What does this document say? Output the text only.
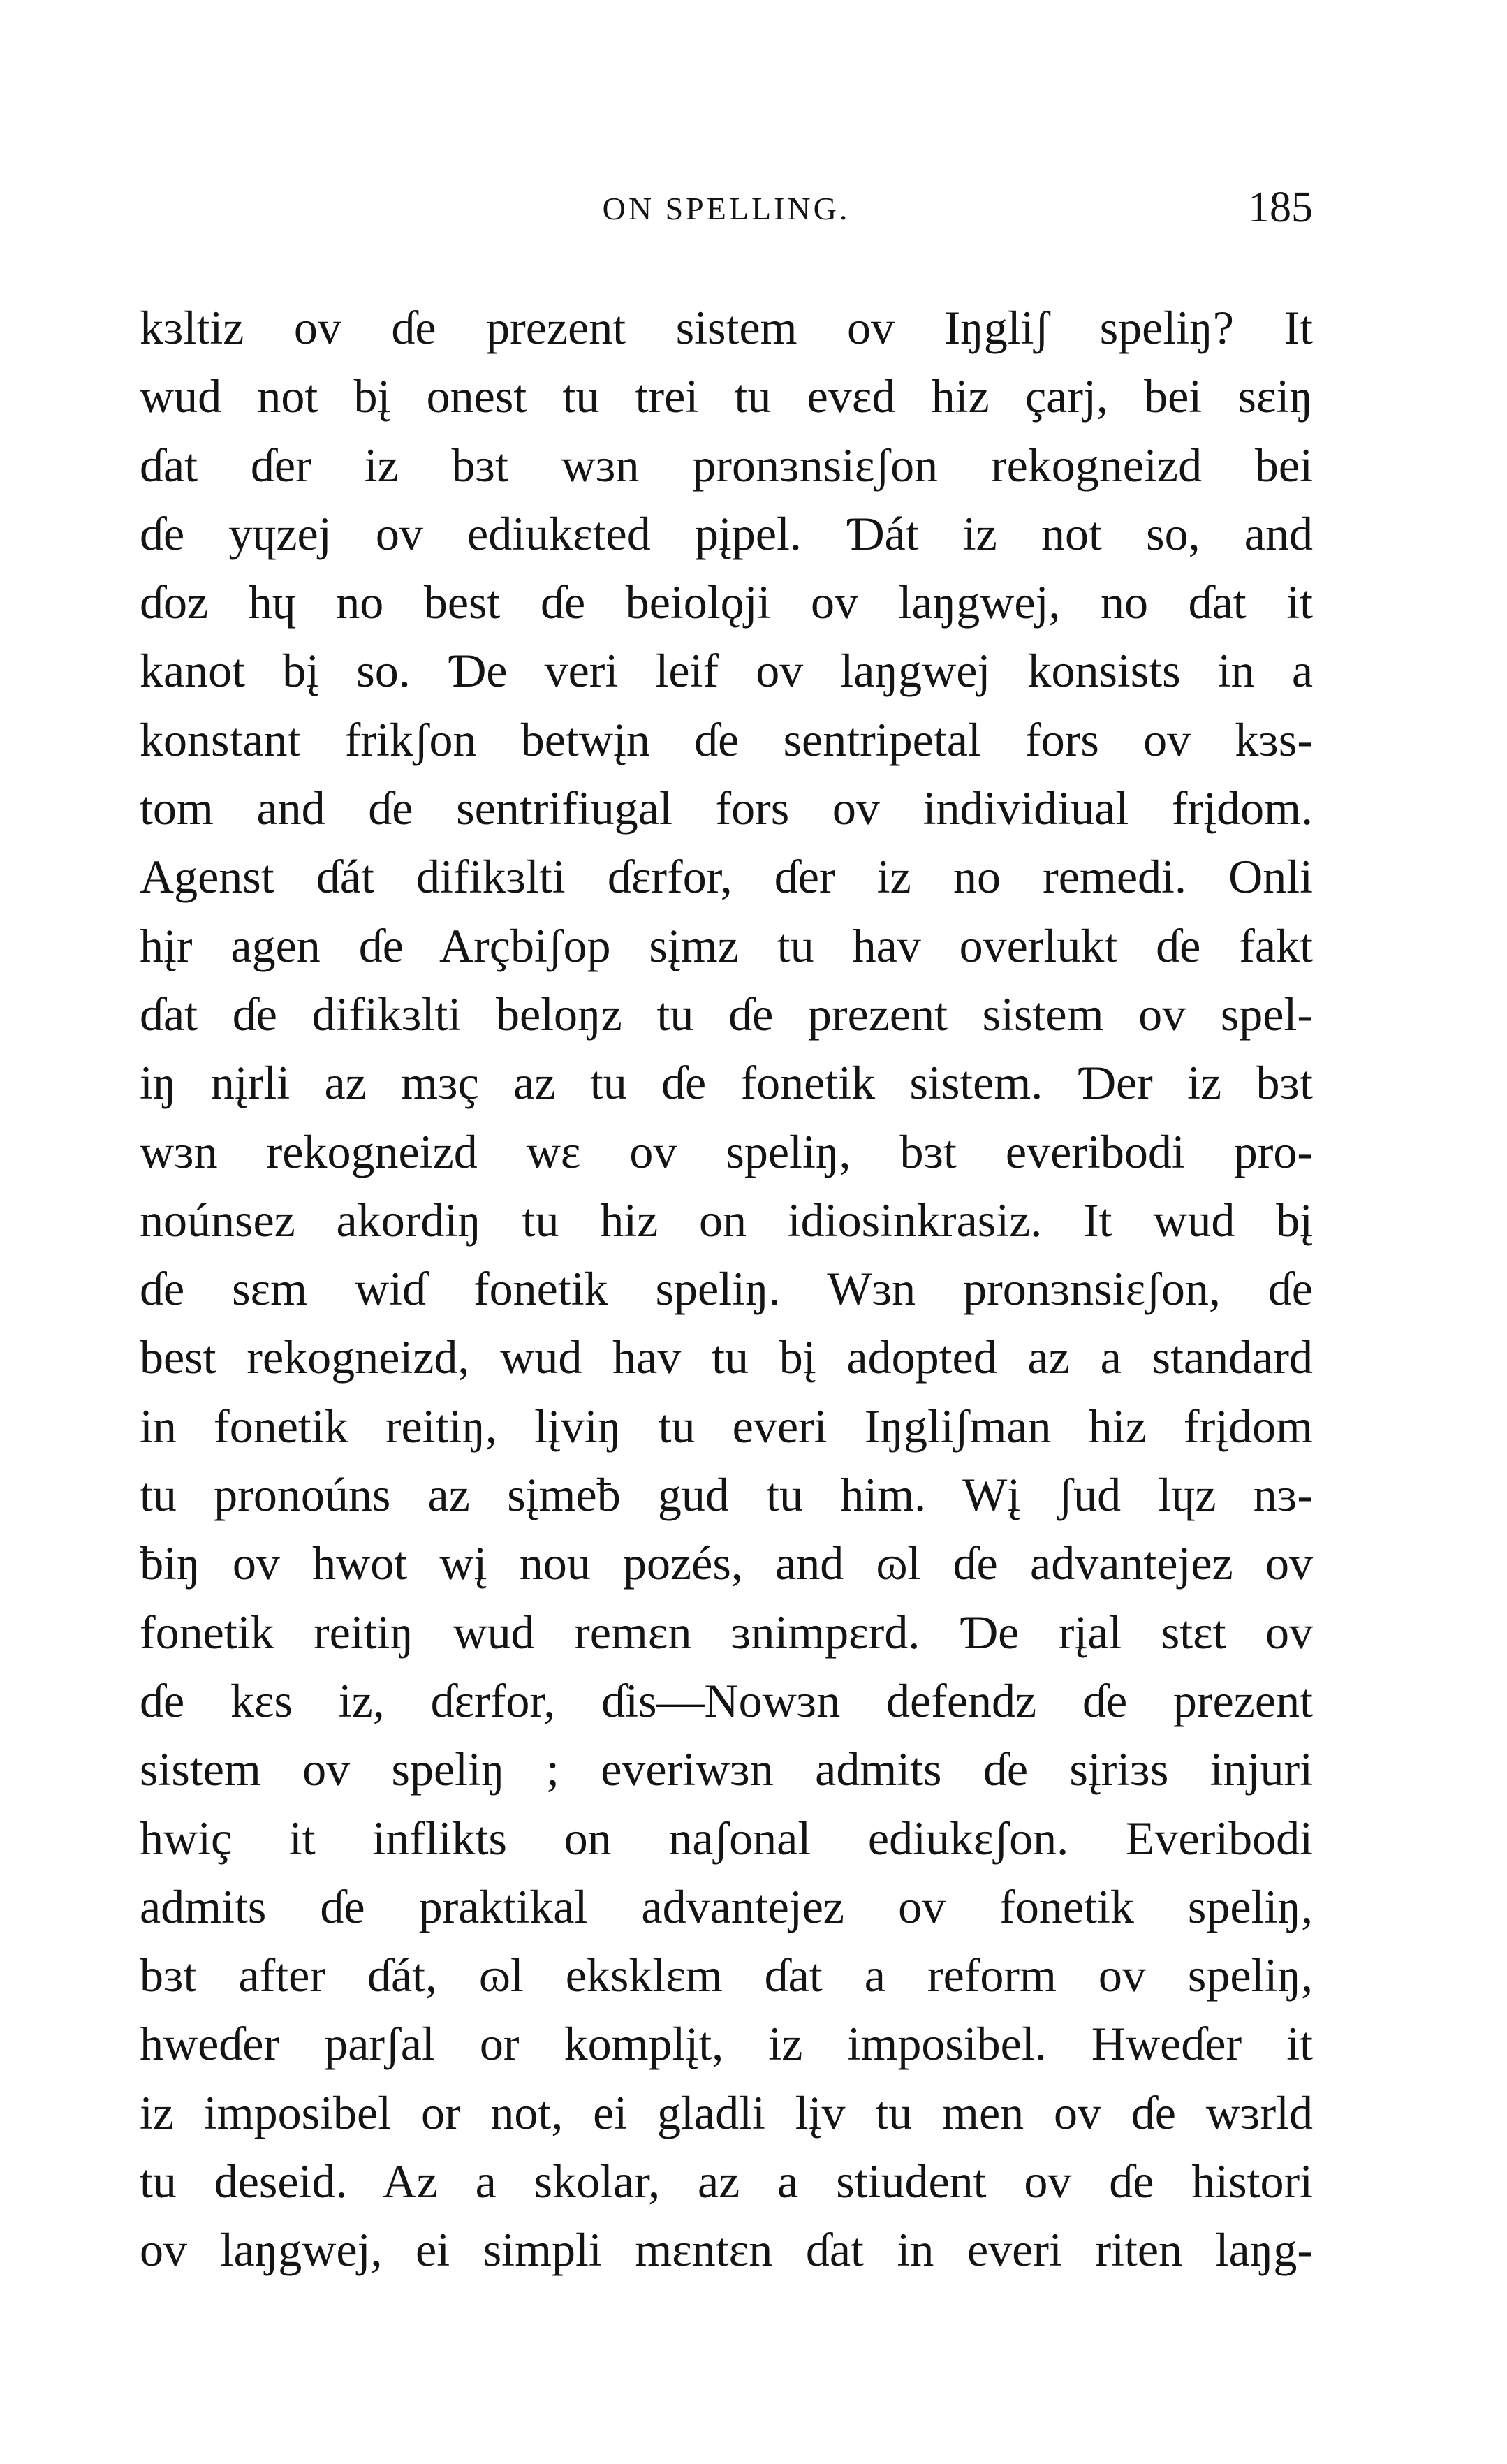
ON SPELLING.	185
kɜltiz ov ɗe prezent sistem ov Iŋgliʃ speliŋ? It
wud not bį onest tu trei tu evɛd hiz çarj, bei sɛiŋ
ɗat ɗer iz bɜt wɜn pronɜnsiɛʃon rekogneizd bei
ɗe yɥzej ov ediukɛted pįpel. Ɗát iz not so, and
ɗoz hɥ no best ɗe beiolǫji ov laŋgwej, no ɗat it
kanot bį so. Ɗe veri leif ov laŋgwej konsists in a
konstant frikʃon betwįn ɗe sentripetal fors ov kɜs-
tom and ɗe sentrifiugal fors ov individiual frįdom.
Agenst ɗát difikɜlti ɗɛrfor, ɗer iz no remedi. Onli
hįr agen ɗe Arçbiʃop sįmz tu hav overlukt ɗe fakt
ɗat ɗe difikɜlti beloŋz tu ɗe prezent sistem ov spel-
iŋ nįrli az mɜç az tu ɗe fonetik sistem. Ɗer iz bɜt
wɜn rekogneizd wɛ ov speliŋ, bɜt everibodi pro-
noúnsez akordiŋ tu hiz on idiosinkrasiz. It wud bį
ɗe sɛm wiɗ fonetik speliŋ. Wɜn pronɜnsiɛʃon, ɗe
best rekogneizd, wud hav tu bį adopted az a standard
in fonetik reitiŋ, lįviŋ tu everi Iŋgliʃman hiz frįdom
tu pronoúns az sįmeƀ gud tu him. Wį ʃud lɥz nɜ-
ƀiŋ ov hwot wį nou pozés, and ɷl ɗe advantejez ov
fonetik reitiŋ wud remɛn ɜnimpɛrd. Ɗe rįal stɛt ov
ɗe kɛs iz, ɗɛrfor, ɗis—Nowɜn defendz ɗe prezent
sistem ov speliŋ ; everiwɜn admits ɗe sįriɜs injuri
hwiç it inflikts on naʃonal ediukɛʃon. Everibodi
admits ɗe praktikal advantejez ov fonetik speliŋ,
bɜt after ɗát, ɷl eksklɛm ɗat a reform ov speliŋ,
hweɗer parʃal or komplįt, iz imposibel. Hweɗer it
iz imposibel or not, ei gladli lįv tu men ov ɗe wɜrld
tu deseid. Az a skolar, az a stiudent ov ɗe histori
ov laŋgwej, ei simpli mɛntɛn ɗat in everi riten laŋg-
